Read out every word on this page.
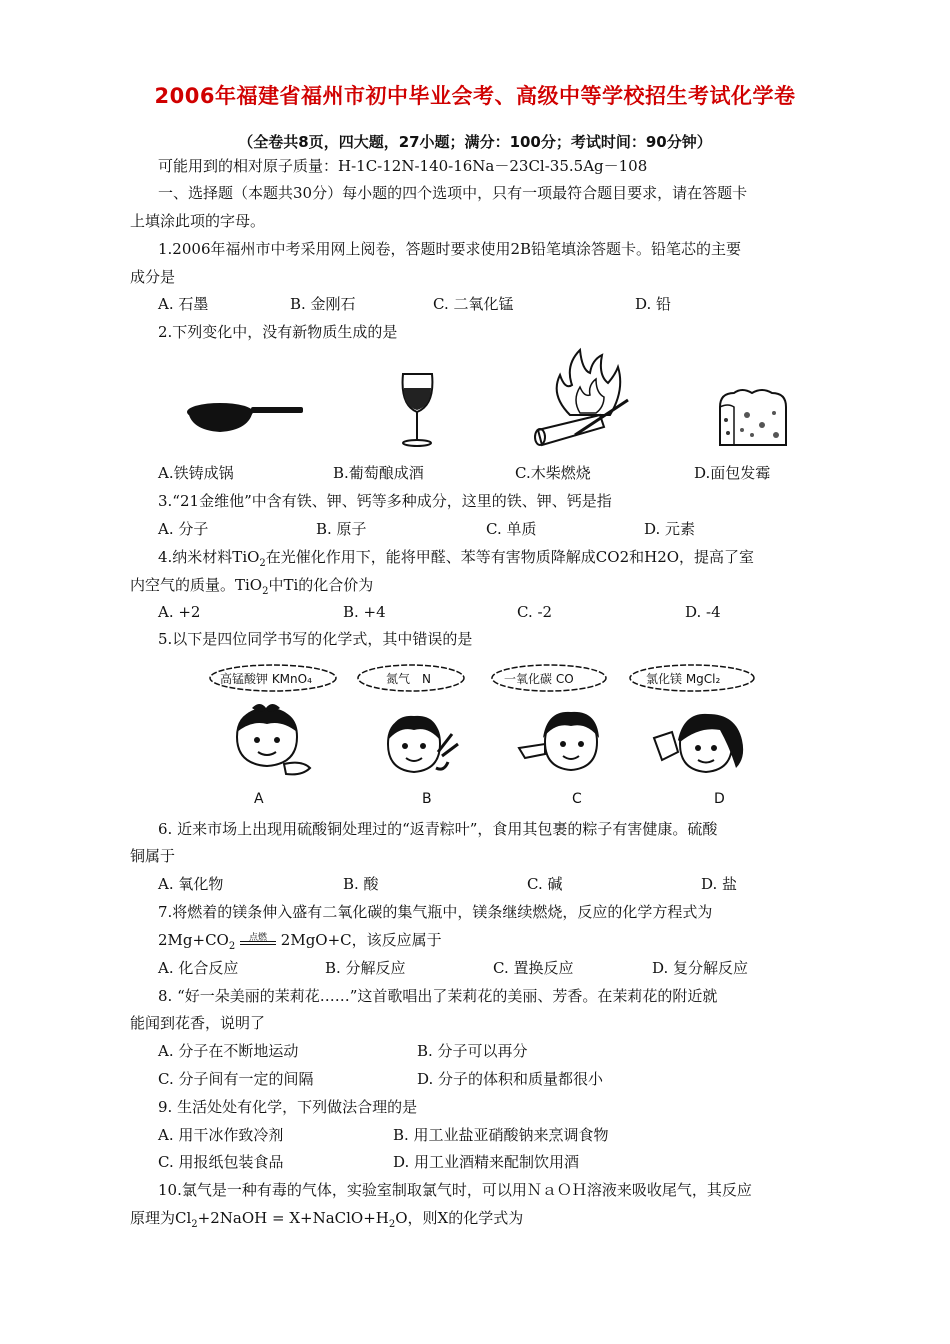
2006年福建省福州市初中毕业会考、高级中等学校招生考试化学卷
（全卷共8页，四大题，27小题；满分：100分；考试时间：90分钟）
可能用到的相对原子质量：H-1C-12N-140-16Na－23Cl-35.5Ag－108
一、选择题（本题共30分）每小题的四个选项中，只有一项最符合题目要求，请在答题卡
上填涂此项的字母。
1.2006年福州市中考采用网上阅卷，答题时要求使用2B铅笔填涂答题卡。铅笔芯的主要
成分是
A. 石墨	B. 金刚石	C. 二氧化锰	D. 铅
2.下列变化中，没有新物质生成的是
A.铁铸成锅	B.葡萄酿成酒	C.木柴燃烧	D.面包发霉
3.“21金维他”中含有铁、钾、钙等多种成分，这里的铁、钾、钙是指
A. 分子	B. 原子	C. 单质	D. 元素
4.纳米材料TiO$_2$在光催化作用下，能将甲醛、苯等有害物质降解成CO2和H2O，提高了室
内空气的质量。TiO$_2$中Ti的化合价为
A. +2	B. +4	C. -2	D. -4
5.以下是四位同学书写的化学式，其中错误的是
高锰酸钾 KMnO₄	氮气　N	一氧化碳 CO	氯化镁 MgCl₂
A	B	C	D
6. 近来市场上出现用硫酸铜处理过的“返青粽叶”，食用其包裹的粽子有害健康。硫酸
铜属于
A. 氧化物	B. 酸	C. 碱	D. 盐
7.将燃着的镁条伸入盛有二氧化碳的集气瓶中，镁条继续燃烧，反应的化学方程式为
$2Mg+CO_2$
点燃 2MgO+C，该反应属于
A. 化合反应	B. 分解反应	C. 置换反应	D. 复分解反应
8. “好一朵美丽的茉莉花……”这首歌唱出了茉莉花的美丽、芳香。在茉莉花的附近就
能闻到花香，说明了
A. 分子在不断地运动	B. 分子可以再分
C. 分子间有一定的间隔	D. 分子的体积和质量都很小
9. 生活处处有化学，下列做法合理的是
A. 用干冰作致冷剂	B. 用工业盐亚硝酸钠来烹调食物
C. 用报纸包装食品	D. 用工业酒精来配制饮用酒
10.氯气是一种有毒的气体，实验室制取氯气时，可以用ＮａＯＨ溶液来吸收尾气，其反应
原理为$Cl_2+2NaOH$ = $X+NaClO+H_2O$，则X的化学式为
